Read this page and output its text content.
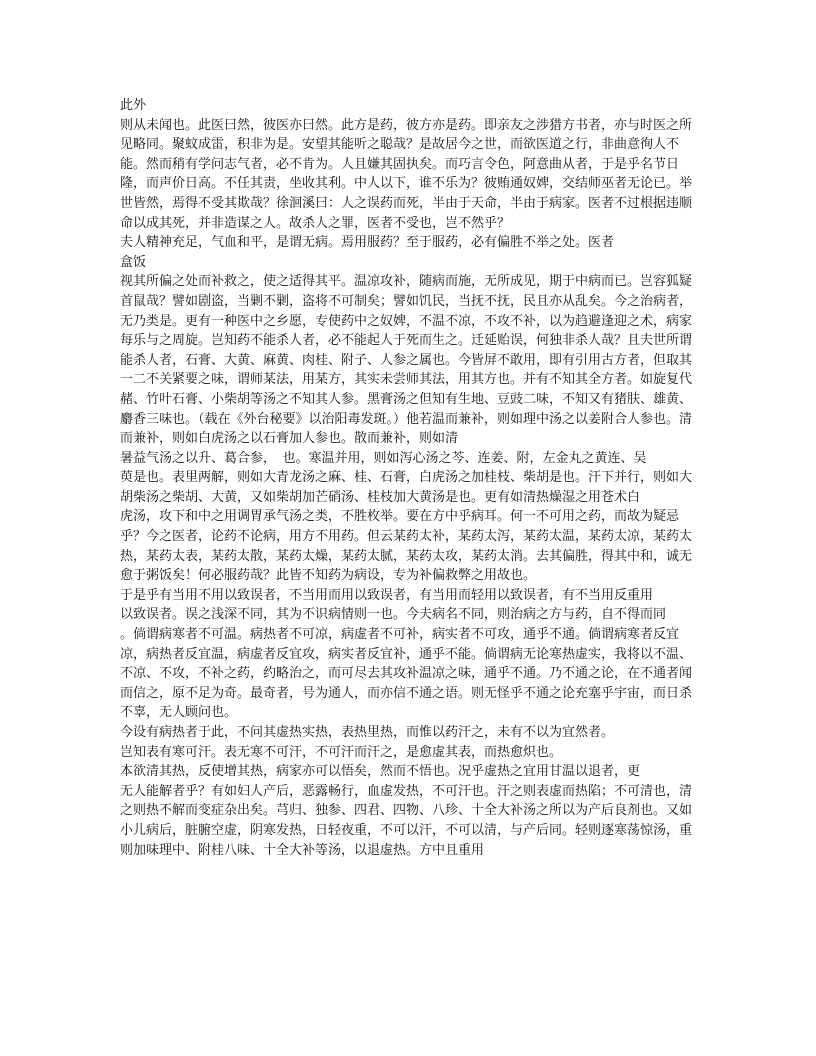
此外

则从未闻也。此医曰然，彼医亦曰然。此方是药，彼方亦是药。即亲友之涉猎方书者，亦与时医之所见略同。聚蚊成雷，积非为是。安望其能听之聪哉？是故居今之世，而欲医道之行，非曲意徇人不能。然而稍有学问志气者，必不肯为。人且嫌其固执矣。而巧言令色，阿意曲从者，于是乎名节日隆，而声价日高。不任其责，坐收其利。中人以下，谁不乐为？彼贿通奴婢，交结师巫者无论已。举世皆然，焉得不受其欺哉？徐洄溪曰：人之误药而死，半由于天命，半由于病家。医者不过根据违顺命以成其死，并非造谋之人。故杀人之罪，医者不受也，岂不然乎？

夫人精神充足，气血和平，是谓无病。焉用服药？至于服药，必有偏胜不举之处。医者

盒饭

视其所偏之处而补救之，使之适得其平。温凉攻补，随病而施，无所成见，期于中病而已。岂容狐疑首鼠哉？譬如剧盗，当剿不剿，盗将不可制矣；譬如饥民，当抚不抚，民且亦从乱矣。今之治病者，无乃类是。更有一种医中之乡愿，专使药中之奴婢，不温不凉，不攻不补，以为趋避逢迎之术，病家每乐与之周旋。岂知药不能杀人者，必不能起人于死而生之。迁延贻误，何独非杀人哉？且夫世所谓能杀人者，石膏、大黄、麻黄、肉桂、附子、人参之属也。今皆屏不敢用，即有引用古方者，但取其一二不关紧要之味，谓师某法，用某方，其实未尝师其法，用其方也。并有不知其全方者。如旋复代赭、竹叶石膏、小柴胡等汤之不知其人参。黑膏汤之但知有生地、豆豉二味，不知又有猪肤、雄黄、麝香三味也。（载在《外台秘要》以治阳毒发斑。）他若温而兼补，则如理中汤之以姜附合人参也。清而兼补，则如白虎汤之以石膏加人参也。散而兼补，则如清

暑益气汤之以升、葛合参，　也。寒温并用，则如泻心汤之芩、连姜、附，左金丸之黄连、吴

萸是也。表里两解，则如大青龙汤之麻、桂、石膏，白虎汤之加桂枝、柴胡是也。汗下并行，则如大胡柴汤之柴胡、大黄，又如柴胡加芒硝汤、桂枝加大黄汤是也。更有如清热燥湿之用苍术白

虎汤，攻下和中之用调胃承气汤之类，不胜枚举。要在方中乎病耳。何一不可用之药，而故为疑忌乎？今之医者，论药不论病，用方不用药。但云某药太补，某药太泻，某药太温，某药太凉，某药太热，某药太表，某药太散，某药太燥，某药太腻，某药太攻，某药太消。去其偏胜，得其中和，诚无愈于粥饭矣！何必服药哉？此皆不知药为病设，专为补偏救弊之用故也。

于是乎有当用不用以致误者，不当用而用以致误者，有当用而轻用以致误者，有不当用反重用

以致误者。误之浅深不同，其为不识病情则一也。今夫病名不同，则治病之方与药，自不得而同

。倘谓病寒者不可温。病热者不可凉，病虚者不可补，病实者不可攻，通乎不通。倘谓病寒者反宜凉，病热者反宜温，病虚者反宜攻，病实者反宜补，通乎不能。倘谓病无论寒热虚实，我将以不温、不凉、不攻，不补之药，约略治之，而可尽去其攻补温凉之味，通乎不通。乃不通之论，在不通者闻而信之，原不足为奇。最奇者，号为通人，而亦信不通之语。则无怪乎不通之论充塞乎宇宙，而日杀不辜，无人顾问也。

今设有病热者于此，不问其虚热实热，表热里热，而惟以药汗之，未有不以为宜然者。

岂知表有寒可汗。表无寒不可汗，不可汗而汗之，是愈虚其表，而热愈炽也。

本欲清其热，反使增其热，病家亦可以悟矣，然而不悟也。况乎虚热之宜用甘温以退者，更

无人能解者乎？有如妇人产后，恶露畅行，血虚发热，不可汗也。汗之则表虚而热陷；不可清也，清之则热不解而变症杂出矣。芎归、独参、四君、四物、八珍、十全大补汤之所以为产后良剂也。又如小儿病后，脏腑空虚，阴寒发热，日轻夜重，不可以汗，不可以清，与产后同。轻则逐寒荡惊汤，重则加味理中、附桂八味、十全大补等汤，以退虚热。方中且重用
